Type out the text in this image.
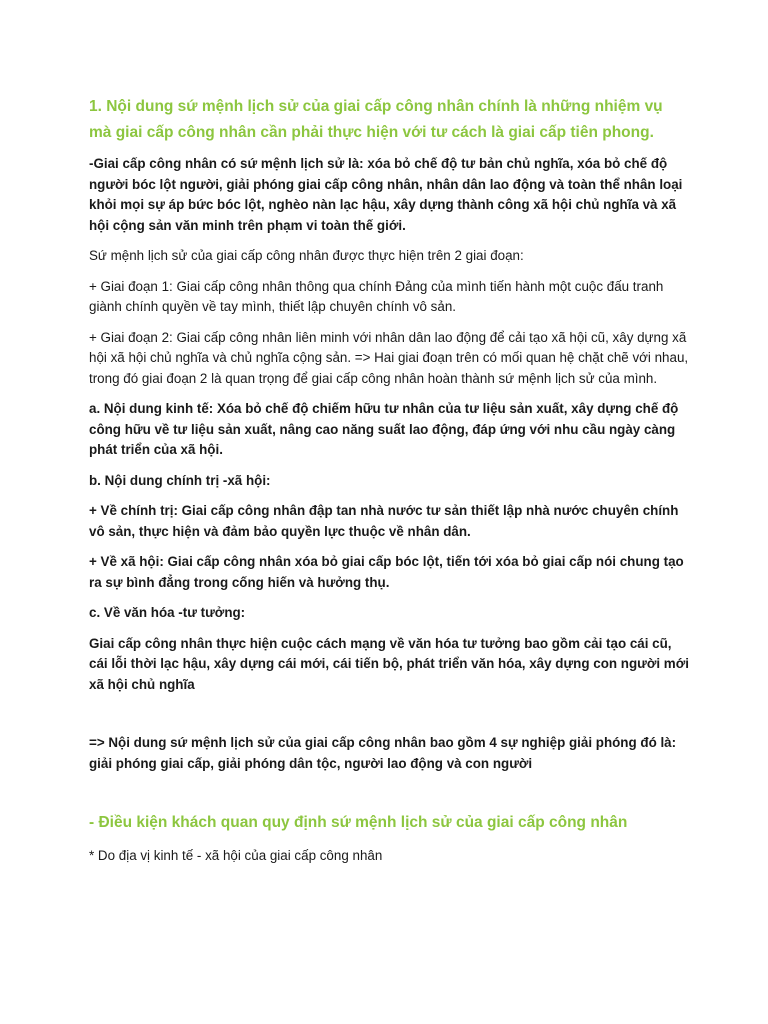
1. Nội dung sứ mệnh lịch sử của giai cấp công nhân chính là những nhiệm vụ mà giai cấp công nhân cần phải thực hiện với tư cách là giai cấp tiên phong.

-Giai cấp công nhân có sứ mệnh lịch sử là: xóa bỏ chế độ tư bản chủ nghĩa, xóa bỏ chế độ người bóc lột người, giải phóng giai cấp công nhân, nhân dân lao động và toàn thể nhân loại khỏi mọi sự áp bức bóc lột, nghèo nàn lạc hậu, xây dựng thành công xã hội chủ nghĩa và xã hội cộng sản văn minh trên phạm vi toàn thế giới.

Sứ mệnh lịch sử của giai cấp công nhân được thực hiện trên 2 giai đoạn:

+ Giai đoạn 1: Giai cấp công nhân thông qua chính Đảng của mình tiến hành một cuộc đấu tranh giành chính quyền về tay mình, thiết lập chuyên chính vô sản.

+ Giai đoạn 2: Giai cấp công nhân liên minh với nhân dân lao động để cải tạo xã hội cũ, xây dựng xã hội xã hội chủ nghĩa và chủ nghĩa cộng sản. => Hai giai đoạn trên có mối quan hệ chặt chẽ với nhau, trong đó giai đoạn 2 là quan trọng để giai cấp công nhân hoàn thành sứ mệnh lịch sử của mình.

a. Nội dung kinh tế: Xóa bỏ chế độ chiếm hữu tư nhân của tư liệu sản xuất, xây dựng chế độ công hữu về tư liệu sản xuất, nâng cao năng suất lao động, đáp ứng với nhu cầu ngày càng phát triển của xã hội.

b. Nội dung chính trị -xã hội:

+ Về chính trị: Giai cấp công nhân đập tan nhà nước tư sản thiết lập nhà nước chuyên chính vô sản, thực hiện và đảm bảo quyền lực thuộc về nhân dân.

+ Về xã hội: Giai cấp công nhân xóa bỏ giai cấp bóc lột, tiến tới xóa bỏ giai cấp nói chung tạo ra sự bình đẳng trong cống hiến và hưởng thụ.

c. Về văn hóa -tư tưởng:

Giai cấp công nhân thực hiện cuộc cách mạng về văn hóa tư tưởng bao gồm cải tạo cái cũ, cái lỗi thời lạc hậu, xây dựng cái mới, cái tiến bộ, phát triển văn hóa, xây dựng con người mới xã hội chủ nghĩa

=> Nội dung sứ mệnh lịch sử của giai cấp công nhân bao gồm 4 sự nghiệp giải phóng đó là: giải phóng giai cấp, giải phóng dân tộc, người lao động và con người

- Điều kiện khách quan quy định sứ mệnh lịch sử của giai cấp công nhân

* Do địa vị kinh tế - xã hội của giai cấp công nhân
